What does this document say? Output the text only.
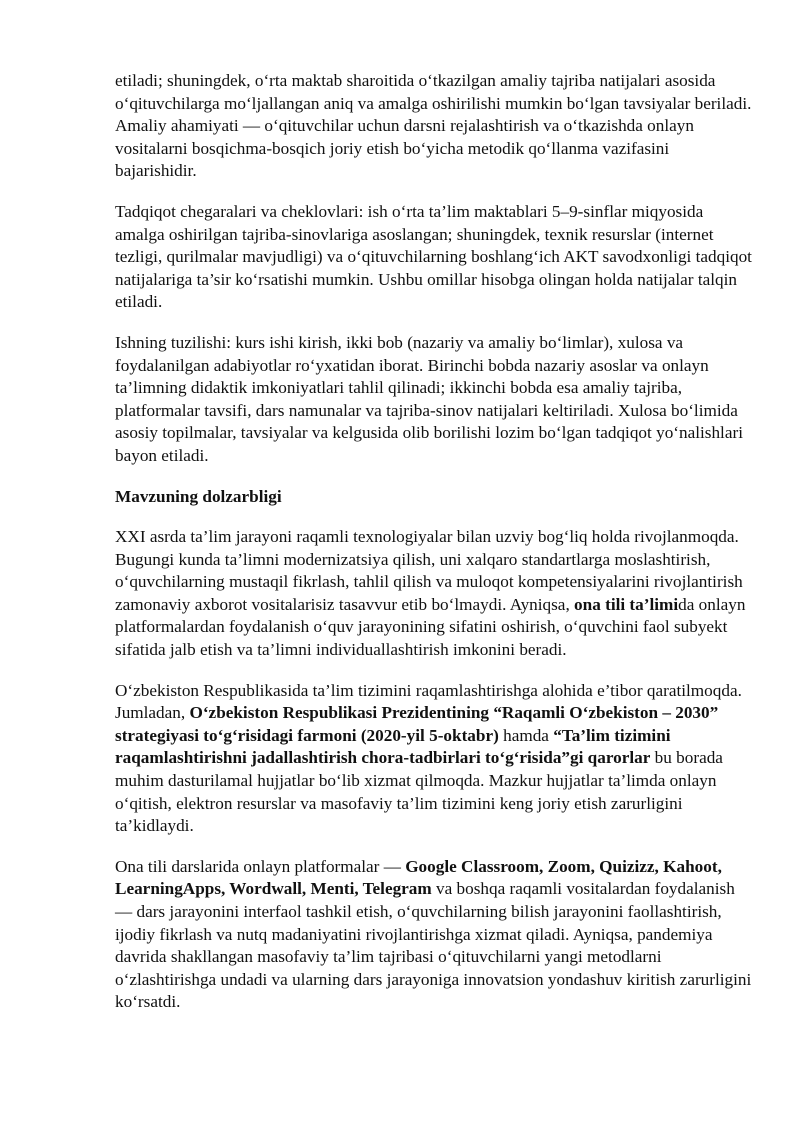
etiladi; shuningdek, o‘rta maktab sharoitida o‘tkazilgan amaliy tajriba natijalari asosida o‘qituvchilarga mo‘ljallangan aniq va amalga oshirilishi mumkin bo‘lgan tavsiyalar beriladi. Amaliy ahamiyati — o‘qituvchilar uchun darsni rejalashtirish va o‘tkazishda onlayn vositalarni bosqichma-bosqich joriy etish bo‘yicha metodik qo‘llanma vazifasini bajarishidir.
Tadqiqot chegaralari va cheklovlari: ish o‘rta ta’lim maktablari 5–9-sinflar miqyosida amalga oshirilgan tajriba-sinovlariga asoslangan; shuningdek, texnik resurslar (internet tezligi, qurilmalar mavjudligi) va o‘qituvchilarning boshlang‘ich AKT savodxonligi tadqiqot natijalariga ta’sir ko‘rsatishi mumkin. Ushbu omillar hisobga olingan holda natijalar talqin etiladi.
Ishning tuzilishi: kurs ishi kirish, ikki bob (nazariy va amaliy bo‘limlar), xulosa va foydalanilgan adabiyotlar ro‘yxatidan iborat. Birinchi bobda nazariy asoslar va onlayn ta’limning didaktik imkoniyatlari tahlil qilinadi; ikkinchi bobda esa amaliy tajriba, platformalar tavsifi, dars namunalar va tajriba-sinov natijalari keltiriladi. Xulosa bo‘limida asosiy topilmalar, tavsiyalar va kelgusida olib borilishi lozim bo‘lgan tadqiqot yo‘nalishlari bayon etiladi.
Mavzuning dolzarbligi
XXI asrda ta’lim jarayoni raqamli texnologiyalar bilan uzviy bog‘liq holda rivojlanmoqda. Bugungi kunda ta’limni modernizatsiya qilish, uni xalqaro standartlarga moslashtirish, o‘quvchilarning mustaqil fikrlash, tahlil qilish va muloqot kompetensiyalarini rivojlantirish zamonaviy axborot vositalarisiz tasavvur etib bo‘lmaydi. Ayniqsa, ona tili ta’limida onlayn platformalardan foydalanish o‘quv jarayonining sifatini oshirish, o‘quvchini faol subyekt sifatida jalb etish va ta’limni individuallashtirish imkonini beradi.
O‘zbekiston Respublikasida ta’lim tizimini raqamlashtirishga alohida e’tibor qaratilmoqda. Jumladan, O‘zbekiston Respublikasi Prezidentining “Raqamli O‘zbekiston – 2030” strategiyasi to‘g‘risidagi farmoni (2020-yil 5-oktabr) hamda “Ta’lim tizimini raqamlashtirishni jadallashtirish chora-tadbirlari to‘g‘risida”gi qarorlar bu borada muhim dasturilamal hujjatlar bo‘lib xizmat qilmoqda. Mazkur hujjatlar ta’limda onlayn o‘qitish, elektron resurslar va masofaviy ta’lim tizimini keng joriy etish zarurligini ta’kidlaydi.
Ona tili darslarida onlayn platformalar — Google Classroom, Zoom, Quizizz, Kahoot, LearningApps, Wordwall, Menti, Telegram va boshqa raqamli vositalardan foydalanish — dars jarayonini interfaol tashkil etish, o‘quvchilarning bilish jarayonini faollashtirish, ijodiy fikrlash va nutq madaniyatini rivojlantirishga xizmat qiladi. Ayniqsa, pandemiya davrida shakllangan masofaviy ta’lim tajribasi o‘qituvchilarni yangi metodlarni o‘zlashtirishga undadi va ularning dars jarayoniga innovatsion yondashuv kiritish zarurligini ko‘rsatdi.
